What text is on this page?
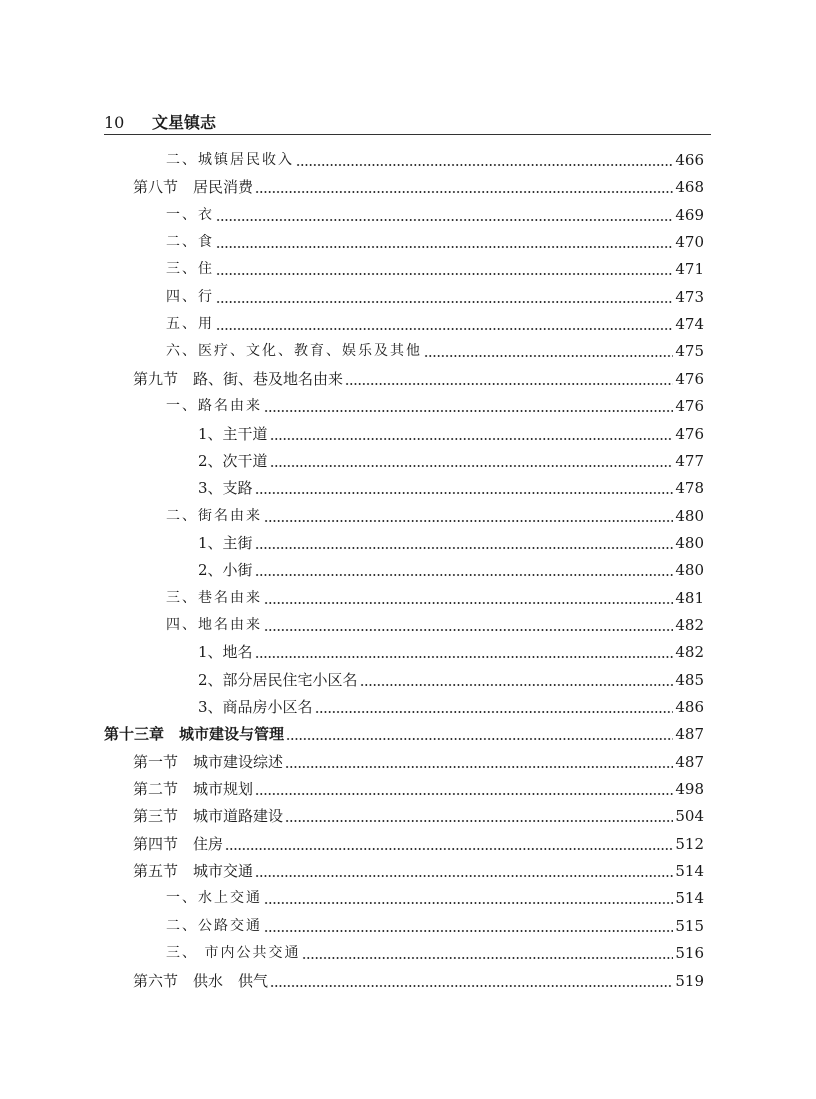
10 文星镇志
二、城镇居民收入	466
第八节　居民消费	468
一、衣	469
二、食	470
三、住	471
四、行	473
五、用	474
六、医疗、文化、教育、娱乐及其他	475
第九节　路、街、巷及地名由来	476
一、路名由来	476
1、主干道	476
2、次干道	477
3、支路	478
二、街名由来	480
1、主街	480
2、小街	480
三、巷名由来	481
四、地名由来	482
1、地名	482
2、部分居民住宅小区名	485
3、商品房小区名	486
第十三章　城市建设与管理	487
第一节　城市建设综述	487
第二节　城市规划	498
第三节　城市道路建设	504
第四节　住房	512
第五节　城市交通	514
一、水上交通	514
二、公路交通	515
三、 市内公共交通	516
第六节　供水　供气	519
